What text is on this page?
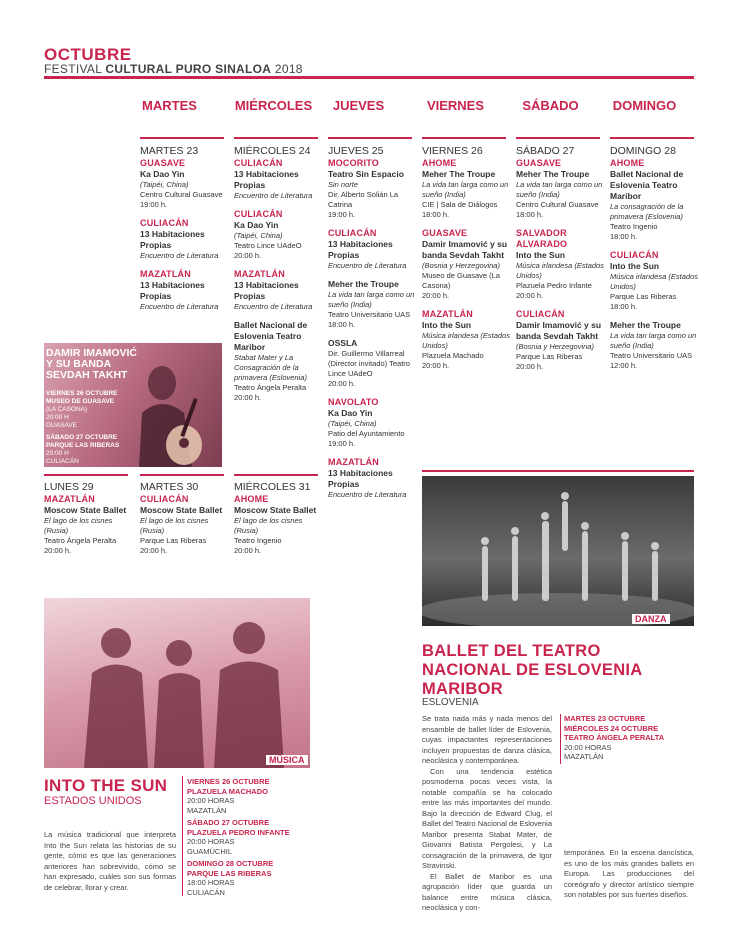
OCTUBRE
FESTIVAL CULTURAL PURO SINALOA 2018
MARTES	MIÉRCOLES	JUEVES	VIERNES	SÁBADO	DOMINGO
MARTES 23
GUASAVE
Ka Dao Yin
(Taipéi, China)
Centro Cultural Guasave
19:00 h.
CULIACÁN
13 Habitaciones Propias
Encuentro de Literatura
MAZATLÁN
13 Habitaciones Propias
Encuentro de Literatura
MIÉRCOLES 24
CULIACÁN
13 Habitaciones Propias
Encuentro de Literatura
CULIACÁN
Ka Dao Yin
(Taipéi, China)
Teatro Lince UAdeO
20:00 h.
MAZATLÁN
13 Habitaciones Propias
Encuentro de Literatura
Ballet Nacional de Eslovenia Teatro Maribor
Stabat Mater y La Consagración de la primavera (Eslovenia)
Teatro Ángela Peralta
20:00 h.
JUEVES 25
MOCORITO
Teatro Sin Espacio
Sin norte
Dir. Alberto Solián La Catrina
19:00 h.
CULIACÁN
13 Habitaciones Propias
Encuentro de Literatura
Meher the Troupe
La vida tan larga como un sueño (India)
Teatro Universitario UAS
18:00 h.
OSSLA
Dir. Guillermo Villarreal (Director invitado) Teatro Lince UAdeO
20:00 h.
NAVOLATO
Ka Dao Yin
(Taipéi, China)
Patio del Ayuntamiento
19:00 h.
MAZATLÁN
13 Habitaciones Propias
Encuentro de Literatura
VIERNES 26
AHOME
Meher The Troupe
La vida tan larga como un sueño (India)
CIE | Sala de Diálogos
18:00 h.
GUASAVE
Damir Imamović y su banda Sevdah Takht
(Bosnia y Herzegovina)
Museo de Guasave (La Casona)
20:00 h.
MAZATLÁN
Into the Sun
Música irlandesa (Estados Unidos)
Plazuela Machado
20:00 h.
SÁBADO 27
GUASAVE
Meher The Troupe
La vida tan larga como un sueño (India)
Centro Cultural Guasave
18:00 h.
SALVADOR ALVARADO
Into the Sun
Música irlandesa (Estados Unidos)
Plazuela Pedro Infante
20:00 h.
CULIACÁN
Damir Imamović y su banda Sevdah Takht
(Bosnia y Herzegovina)
Parque Las Riberas
20:00 h.
DOMINGO 28
AHOME
Ballet Nacional de Eslovenia Teatro Maribor
La consagración de la primavera (Eslovenia)
Teatro Ingenio
18:00 h.
CULIACÁN
Into the Sun
Música irlandesa (Estados Unidos)
Parque Las Riberas
18:00 h.
Meher the Troupe
La vida tan larga como un sueño (India)
Teatro Universitario UAS
12:00 h.
LUNES 29
MAZATLÁN
Moscow State Ballet
El lago de los cisnes (Rusia)
Teatro Ángela Peralta
20:00 h.
MARTES 30
CULIACÁN
Moscow State Ballet
El lago de los cisnes (Rusia)
Parque Las Riberas
20:00 h.
MIÉRCOLES 31
AHOME
Moscow State Ballet
El lago de los cisnes (Rusia)
Teatro Ingenio
20:00 h.
DAMIR IMAMOVIĆ
Y SU BANDA
SEVDAH TAKHT
VIERNES 26 OCTUBRE
MUSEO DE GUASAVE
(LA CASONA)
20:00 H
GUASAVE
SÁBADO 27 OCTUBRE
PARQUE LAS RIBERAS
20:00 H
CULIACÁN
DANZA
MÚSICA
INTO THE SUN
ESTADOS UNIDOS
La música tradicional que interpreta Into the Sun relata las historias de su gente, cómo es que las generaciones anteriores han sobrevivido, cómo se han expresado, cuáles son sus formas de celebrar, llorar y crear.
VIERNES 26 OCTUBRE
PLAZUELA MACHADO
20:00 HORAS
MAZATLÁN
SÁBADO 27 OCTUBRE
PLAZUELA PEDRO INFANTE
20:00 HORAS
GUAMÚCHIL
DOMINGO 28 OCTUBRE
PARQUE LAS RIBERAS
18:00 HORAS
CULIACÁN
BALLET DEL TEATRO
NACIONAL DE ESLOVENIA
MARIBOR
ESLOVENIA

Se trata nada más y nada menos del ensamble de ballet líder de Eslovenia, cuyas impactantes representaciones incluyen propuestas de danza clásica, neoclásica y contemporánea.

Con una tendencia estética posmoderna pocas veces vista, la notable compañía se ha colocado entre las más importantes del mundo. Bajo la dirección de Edward Clug, el Ballet del Teatro Nacional de Eslovenia Maribor presenta Stabat Mater, de Giovanni Batista Pergolesi, y La consagración de la primavera, de Igor Stravinski.

El Ballet de Maribor es una agrupación líder que guarda un balance entre música clásica, neoclásica y con-

MARTES 23 OCTUBRE
MIÉRCOLES 24 OCTUBRE
TEATRO ÁNGELA PERALTA
20:00 HORAS
MAZATLÁN
temporánea. En la escena dancística, es uno de los más grandes ballets en Europa. Las producciones del coreógrafo y director artístico siempre son notables por sus fuertes diseños.
